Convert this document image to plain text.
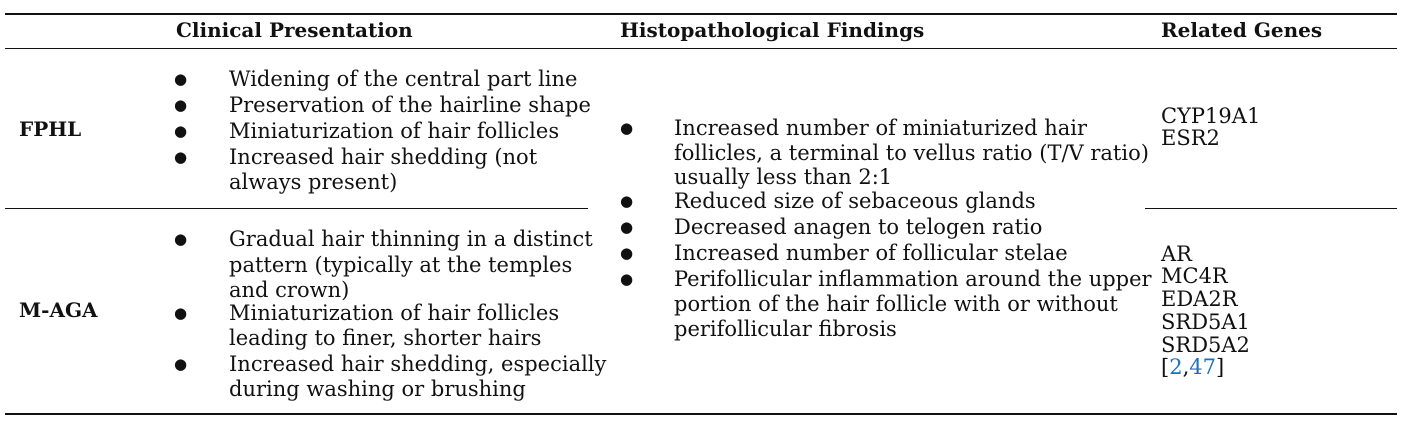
Clinical Presentation	Histopathological Findings	Related Genes
FPHL
M-AGA
● Widening of the central part line
● Preservation of the hairline shape
● Miniaturization of hair follicles
● Increased hair shedding (not
always present)
● Gradual hair thinning in a distinct
pattern (typically at the temples
and crown)
● Miniaturization of hair follicles
leading to finer, shorter hairs
● Increased hair shedding, especially
during washing or brushing
● Increased number of miniaturized hair
follicles, a terminal to vellus ratio (T/V ratio)
usually less than 2:1
● Reduced size of sebaceous glands
● Decreased anagen to telogen ratio
● Increased number of follicular stelae
● Perifollicular inflammation around the upper
portion of the hair follicle with or without
perifollicular fibrosis
CYP19A1
ESR2
AR
MC4R
EDA2R
SRD5A1
SRD5A2
[2,47]
